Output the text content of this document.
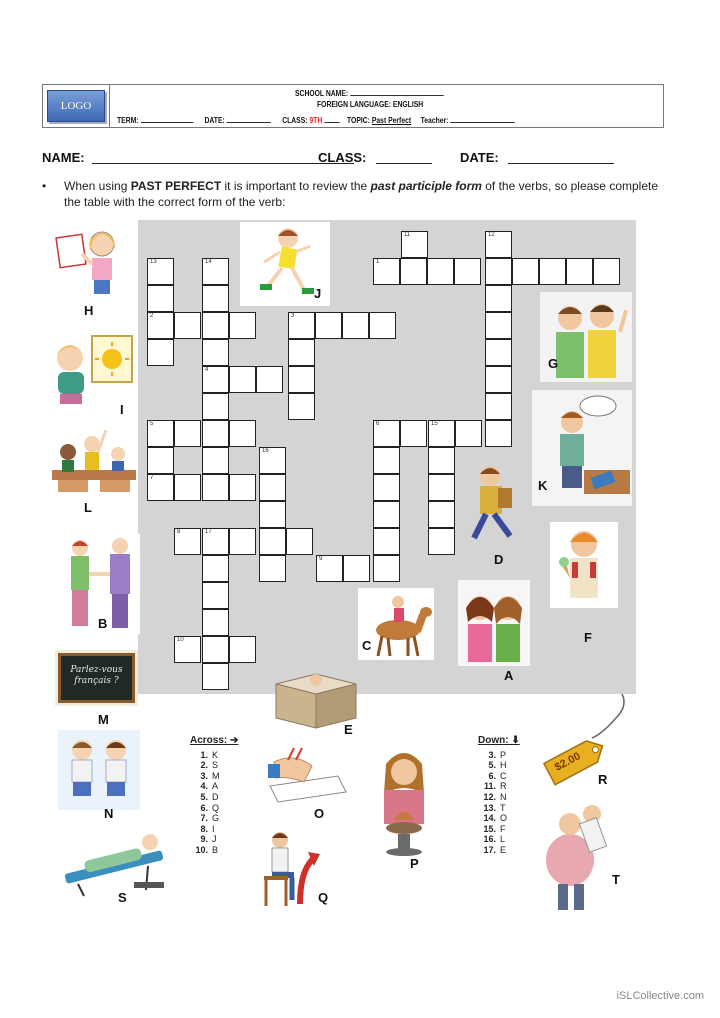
LOGO
SCHOOL NAME:
FOREIGN LANGUAGE: ENGLISH
TERM:	DATE:	CLASS: 9TH	TOPIC: Past Perfect Teacher:
NAME:	CLASS:	DATE:
• When using PAST PERFECT it is important to review the past participle form of the verbs, so please complete the table with the correct form of the verb:
13	14
11	12
1
2	3
4
5	6	15
16
7
8	17
9
10
H
I
L
B
Parlez-vous français ?
M
N
S
J
G
K
D
F
C
A
E
Across: ➔
1. K
2. S
3. M
4. A
5. D
6. Q
7. G
8. I
9. J
10. B
Down: ⬇
3. P
5. H
6. C
11. R
12. N
13. T
14. O
15. F
16. L
17. E
O
P
Q
$2.00
R
T
iSLCollective.com
